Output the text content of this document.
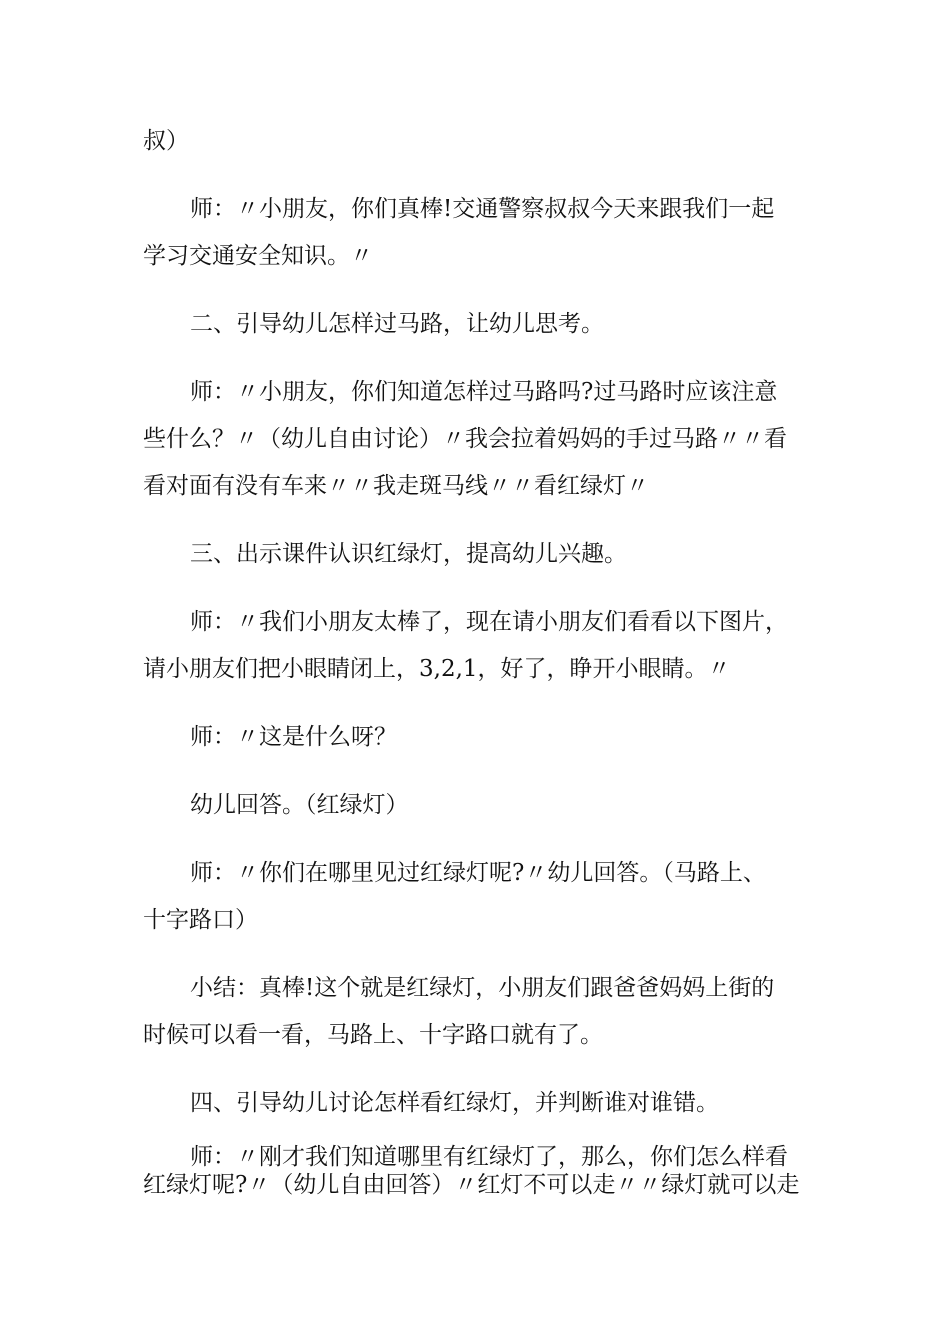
叔）
师：〃小朋友，你们真棒!交通警察叔叔今天来跟我们一起
学习交通安全知识。〃
二、引导幼儿怎样过马路，让幼儿思考。
师：〃小朋友，你们知道怎样过马路吗?过马路时应该注意
些什么？〃（幼儿自由讨论）〃我会拉着妈妈的手过马路〃〃看
看对面有没有车来〃〃我走斑马线〃〃看红绿灯〃
三、出示课件认识红绿灯，提高幼儿兴趣。
师：〃我们小朋友太棒了，现在请小朋友们看看以下图片，
请小朋友们把小眼睛闭上，3,2,1，好了，睁开小眼睛。〃
师：〃这是什么呀？
幼儿回答。（红绿灯）
师：〃你们在哪里见过红绿灯呢?〃幼儿回答。（马路上、
十字路口）
小结：真棒!这个就是红绿灯，小朋友们跟爸爸妈妈上街的
时候可以看一看，马路上、十字路口就有了。
四、引导幼儿讨论怎样看红绿灯，并判断谁对谁错。
师：〃刚才我们知道哪里有红绿灯了，那么，你们怎么样看
红绿灯呢?〃（幼儿自由回答）〃红灯不可以走〃〃绿灯就可以走
